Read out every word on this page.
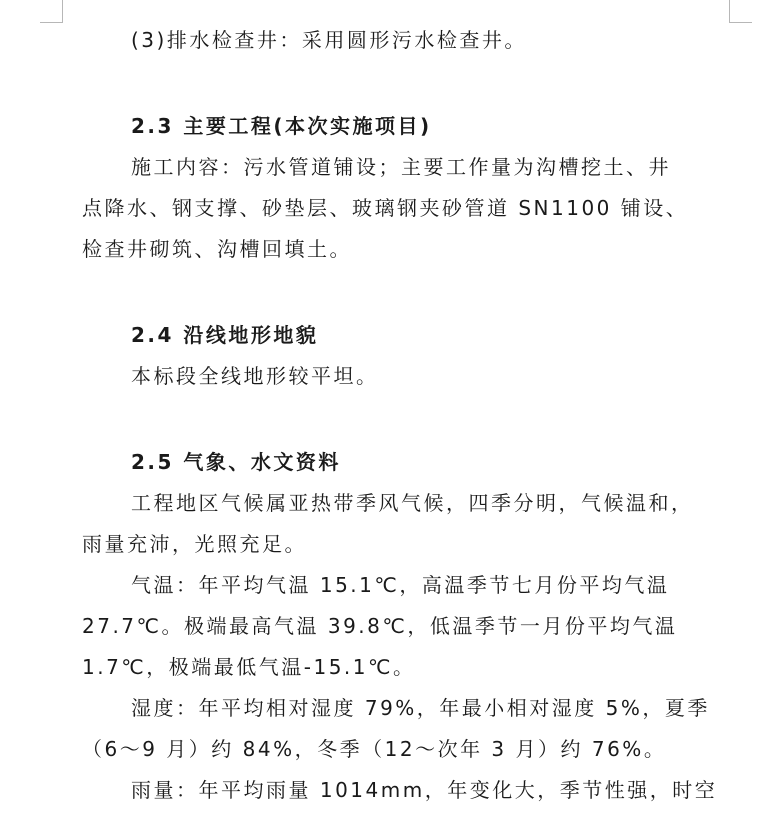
(3)排水检查井：采用圆形污水检查井。

2.3 主要工程(本次实施项目)

施工内容：污水管道铺设；主要工作量为沟槽挖土、井

点降水、钢支撑、砂垫层、玻璃钢夹砂管道 SN1100 铺设、

检查井砌筑、沟槽回填土。

2.4 沿线地形地貌

本标段全线地形较平坦。

2.5 气象、水文资料

工程地区气候属亚热带季风气候，四季分明，气候温和，

雨量充沛，光照充足。

气温：年平均气温 15.1℃，高温季节七月份平均气温

27.7℃。极端最高气温 39.8℃，低温季节一月份平均气温

1.7℃，极端最低气温-15.1℃。

湿度：年平均相对湿度 79%，年最小相对湿度 5%，夏季

（6～9 月）约 84%，冬季（12～次年 3 月）约 76%。

雨量：年平均雨量 1014mm，年变化大，季节性强，时空
